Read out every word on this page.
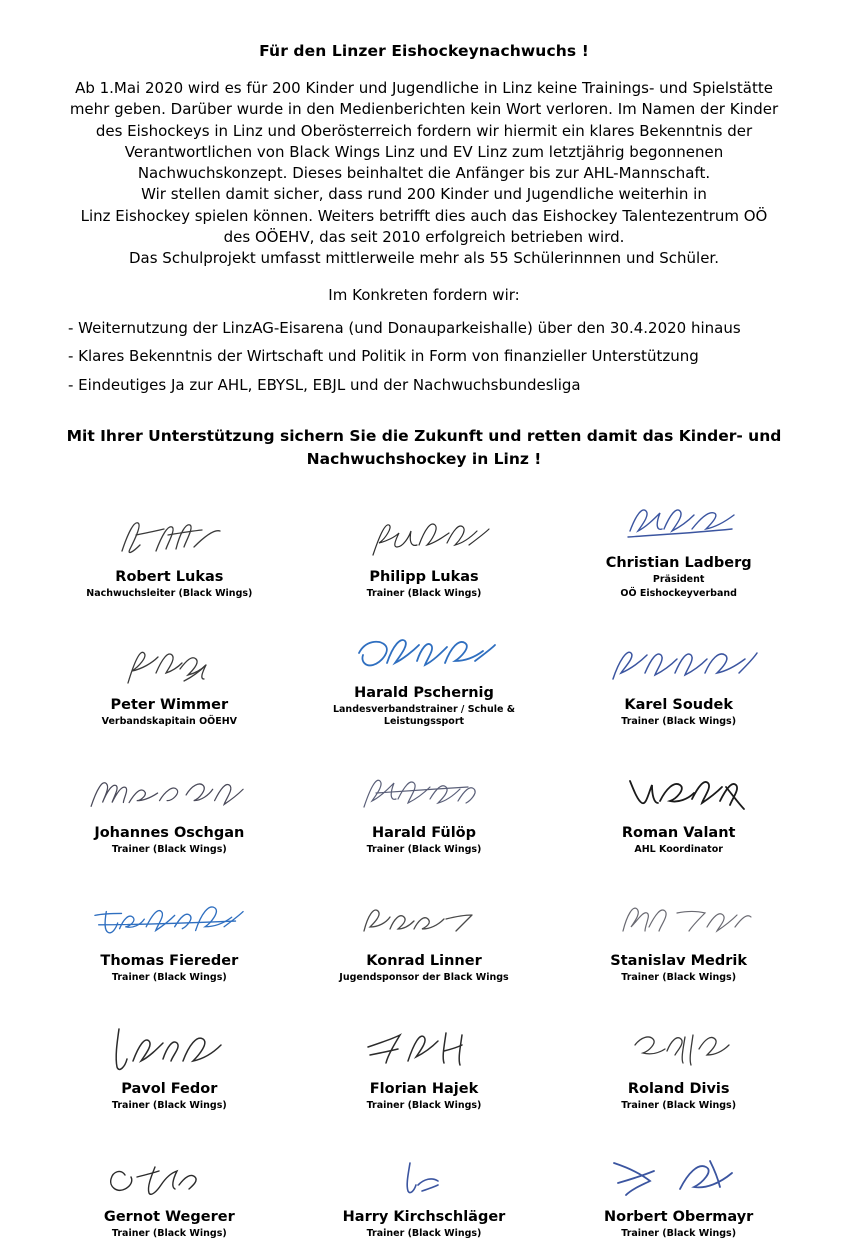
Für den Linzer Eishockeynachwuchs !

Ab 1.Mai 2020 wird es für 200 Kinder und Jugendliche in Linz keine Trainings- und Spielstätte

mehr geben. Darüber wurde in den Medienberichten kein Wort verloren. Im Namen der Kinder

des Eishockeys in Linz und Oberösterreich fordern wir hiermit ein klares Bekenntnis der

Verantwortlichen von Black Wings Linz und EV Linz zum letztjährig begonnenen

Nachwuchskonzept. Dieses beinhaltet die Anfänger bis zur AHL-Mannschaft.

Wir stellen damit sicher, dass rund 200 Kinder und Jugendliche weiterhin in

Linz Eishockey spielen können. Weiters betrifft dies auch das Eishockey Talentezentrum OÖ

des OÖEHV, das seit 2010 erfolgreich betrieben wird.

Das Schulprojekt umfasst mittlerweile mehr als 55 Schülerinnnen und Schüler.

Im Konkreten fordern wir:
- Weiternutzung der LinzAG-Eisarena (und Donauparkeishalle) über den 30.4.2020 hinaus
- Klares Bekenntnis der Wirtschaft und Politik in Form von finanzieller Unterstützung
- Eindeutiges Ja zur AHL, EBYSL, EBJL und der Nachwuchsbundesliga
Mit Ihrer Unterstützung sichern Sie die Zukunft und retten damit das Kinder- und
Nachwuchshockey in Linz !
Robert Lukas
Nachwuchsleiter (Black Wings)
Philipp Lukas
Trainer (Black Wings)
Christian Ladberg
Präsident
OÖ Eishockeyverband
Peter Wimmer
Verbandskapitain OÖEHV
Harald Pschernig
Landesverbandstrainer / Schule & Leistungssport
Karel Soudek
Trainer (Black Wings)
Johannes Oschgan
Trainer (Black Wings)
Harald Fülöp
Trainer (Black Wings)
Roman Valant
AHL Koordinator
Thomas Fiereder
Trainer (Black Wings)
Konrad Linner
Jugendsponsor der Black Wings
Stanislav Medrik
Trainer (Black Wings)
Pavol Fedor
Trainer (Black Wings)
Florian Hajek
Trainer (Black Wings)
Roland Divis
Trainer (Black Wings)
Gernot Wegerer
Trainer (Black Wings)
Harry Kirchschläger
Trainer (Black Wings)
Norbert Obermayr
Trainer (Black Wings)
